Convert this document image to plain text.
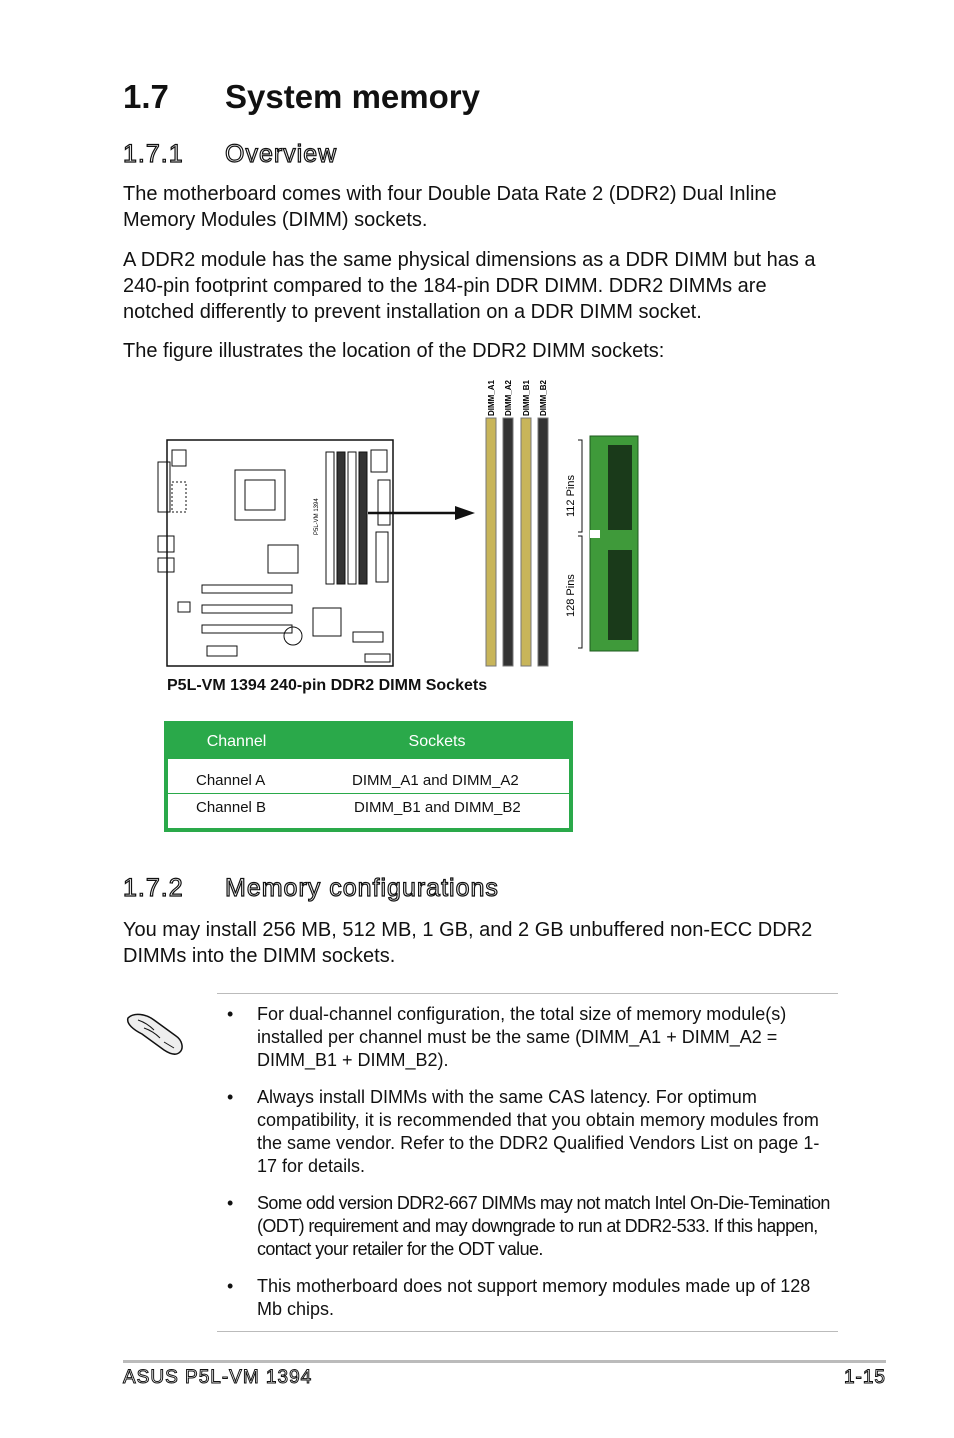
1.7 System memory
1.7.1 Overview

The motherboard comes with four Double Data Rate 2 (DDR2) Dual Inline Memory Modules (DIMM) sockets.

A DDR2 module has the same physical dimensions as a DDR DIMM but has a 240-pin footprint compared to the 184-pin DDR DIMM. DDR2 DIMMs are notched differently to prevent installation on a DDR DIMM socket.

The figure illustrates the location of the DDR2 DIMM sockets:

P5L-VM 1394
DIMM_A1 DIMM_A2 DIMM_B1 DIMM_B2
112 Pins
128 Pins
P5L-VM 1394 240-pin DDR2 DIMM Sockets
Channel	Sockets
Channel A	DIMM_A1 and DIMM_A2
Channel B	DIMM_B1 and DIMM_B2
1.7.2 Memory configurations

You may install 256 MB, 512 MB, 1 GB, and 2 GB unbuffered non-ECC DDR2 DIMMs into the DIMM sockets.

• For dual-channel configuration, the total size of memory module(s) installed per channel must be the same (DIMM_A1 + DIMM_A2 = DIMM_B1 + DIMM_B2).
• Always install DIMMs with the same CAS latency. For optimum compatibility, it is recommended that you obtain memory modules from the same vendor. Refer to the DDR2 Qualified Vendors List on page 1-17 for details.
• Some odd version DDR2-667 DIMMs may not match Intel On-Die-Temination (ODT) requirement and may downgrade to run at DDR2-533. If this happen, contact your retailer for the ODT value.
• This motherboard does not support memory modules made up of 128 Mb chips.
ASUS P5L-VM 1394	1-15
